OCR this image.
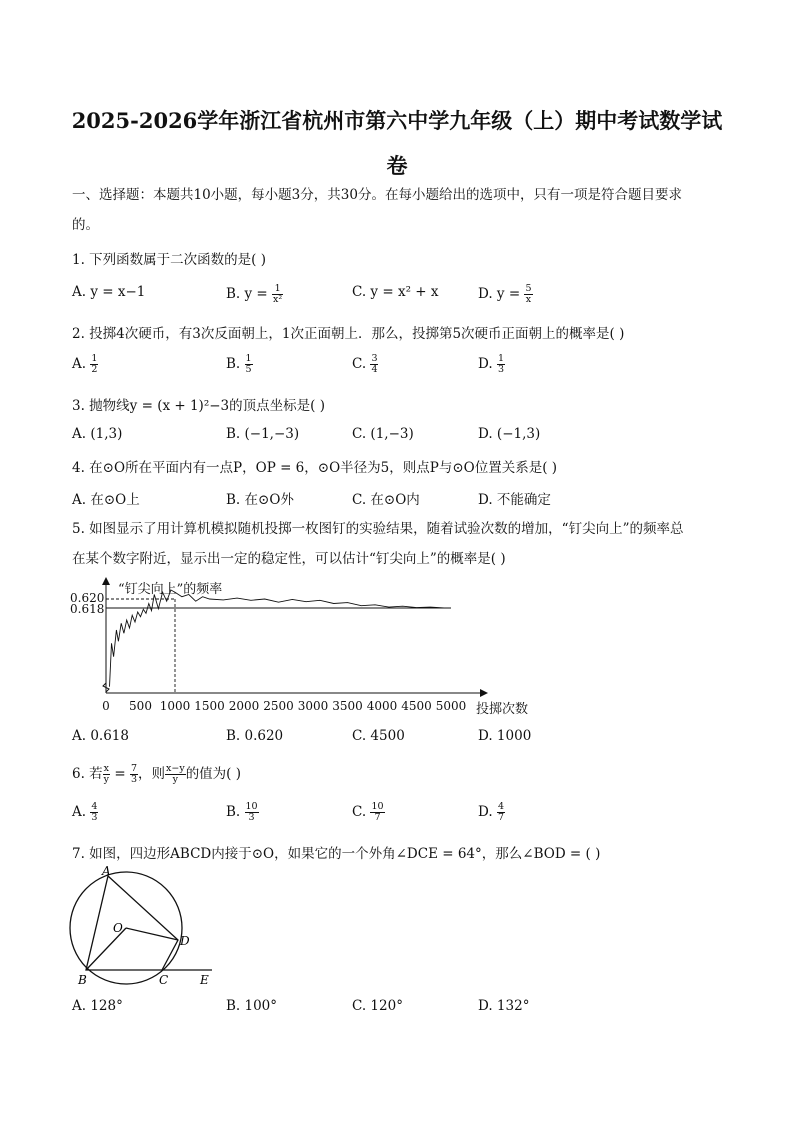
2025-2026学年浙江省杭州市第六中学九年级（上）期中考试数学试
卷
一、选择题：本题共10小题，每小题3分，共30分。在每小题给出的选项中，只有一项是符合题目要求
的。
1. 下列函数属于二次函数的是( )
A. y = x−1	B. $y = \frac{1}{\text{x²}}$	C. y = x² + x	D. $y = \frac{5}{x}$
2. 投掷4次硬币，有3次反面朝上，1次正面朝上．那么，投掷第5次硬币正面朝上的概率是( )
A. $\frac{1}{2}$	B. $\frac{1}{5}$	C. $\frac{3}{4}$	D. $\frac{1}{3}$
3. 抛物线y = (x + 1)²−3的顶点坐标是( )
A. (1,3)	B. (−1,−3)	C. (1,−3)	D. (−1,3)
4. 在⊙O所在平面内有一点P，OP = 6，⊙O半径为5，则点P与⊙O位置关系是( )
A. 在⊙O上	B. 在⊙O外	C. 在⊙O内	D. 不能确定
5. 如图显示了用计算机模拟随机投掷一枚图钉的实验结果，随着试验次数的增加，“钉尖向上”的频率总
在某个数字附近，显示出一定的稳定性，可以估计“钉尖向上”的概率是( )
0.618
0.620
0 500 1000 1500 2000 2500 3000 3500 4000 4500 5000
“钉尖向上”的频率
投掷次数
A. 0.618	B. 0.620	C. 4500	D. 1000
6. 若 $\frac{x}{y} = \frac{7}{3}$ ，则 $\frac{x-y}{y}$ 的值为( )
A. $\frac{4}{3}$	B. $\frac{10}{3}$	C. $\frac{10}{7}$	D. $\frac{4}{7}$
7. 如图，四边形ABCD内接于⊙O，如果它的一个外角∠DCE = 64°，那么∠BOD = ( )
A
O
D
B	C	E
A. 128°	B. 100°	C. 120°	D. 132°
